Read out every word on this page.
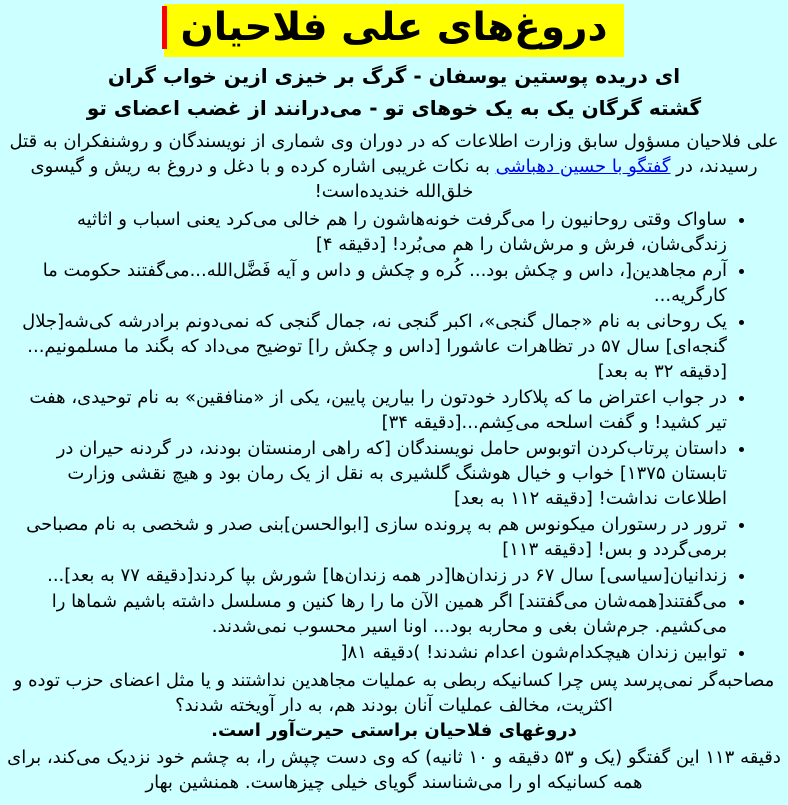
دروغ‌های علی فلاحیان
ای دریده پوستین یوسفان - گرگ بر خیزی ازین خواب گران
گشته گرگان یک به یک خوهای تو - می‌درانند از غضب اعضای تو

علی فلاحیان مسؤول سابق وزارت اطلاعات که در دوران وی شماری از نویسندگان و روشنفکران به قتل رسیدند، در گفتگو با حسین دهباشی به نکات غریبی اشاره کرده و با دغل و دروغ به ریش و گیسوی خلق‌الله خندیده‌است!

• ساواک وقتی روحانیون را می‌گرفت خونه‌هاشون را هم خالی می‌کرد یعنی اسباب و اثاثیه زندگی‌شان، فرش و مرش‌شان را هم می‌بُرد! [دقیقه ۴]
• آرم مجاهدین[، داس و چکش بود... کُره و چکش و داس و آیه فَضَّل‌الله...می‌گفتند حکومت ما کارگریه...
• یک روحانی به نام «جمال گنجی»، اکبر گنجی نه، جمال گنجی که نمی‌دونم برادرشه کی‌شه[جلال گنجه‌ای] سال ۵۷ در تظاهرات عاشورا [داس و چکش را] توضیح می‌داد که بگند ما مسلمونیم...[دقیقه ۳۲ به بعد]
• در جواب اعتراض ما که پلاکارد خودتون را بیارین پایین، یکی از «منافقین» به نام توحیدی، هفت تیر کشید! و گفت اسلحه می‌کِشم...[دقیقه ۳۴]
• داستان پرتاب‌کردن اتوبوس حامل نویسندگان [که راهی ارمنستان بودند، در گردنه حیران در تابستان ۱۳۷۵] خواب و خیال هوشنگ گلشیری به نقل از یک رمان بود و هیچ نقشی وزارت اطلاعات نداشت! [دقیقه ۱۱۲ به بعد]
• ترور در رستوران میکونوس هم به پرونده سازی [ابوالحسن]بنی صدر و شخصی به نام مصباحی برمی‌گردد و بس! [دقیقه ۱۱۳]
• زندانیان[سیاسی] سال ۶۷ در زندان‌ها[در همه زندان‌ها] شورش بپا کردند[دقیقه ۷۷ به بعد]...
• می‌گفتند[همه‌شان می‌گفتند] اگر همین الآن ما را رها کنین و مسلسل داشته باشیم شماها را می‌کشیم. جرم‌شان بغی و محاربه بود... اونا اسیر محسوب نمی‌شدند.
• توابین زندان هیچکدام‌شون اعدام نشدند! )دقیقه ۸۱[

مصاحبه‌گر نمی‌پرسد پس چرا کسانیکه ربطی به عملیات مجاهدین نداشتند و یا مثل اعضای حزب توده و اکثریت، مخالف عملیات آنان بودند هم، به دار آویخته شدند؟

دروغهای فلاحیان براستی حیرت‌آور است.

دقیقه ۱۱۳ این گفتگو (یک و ۵۳ دقیقه و ۱۰ ثانیه) که وی دست چپش را، به چشم خود نزدیک می‌کند، برای همه کسانیکه او را می‌شناسند گویای خیلی چیزهاست. همنشین بهار
